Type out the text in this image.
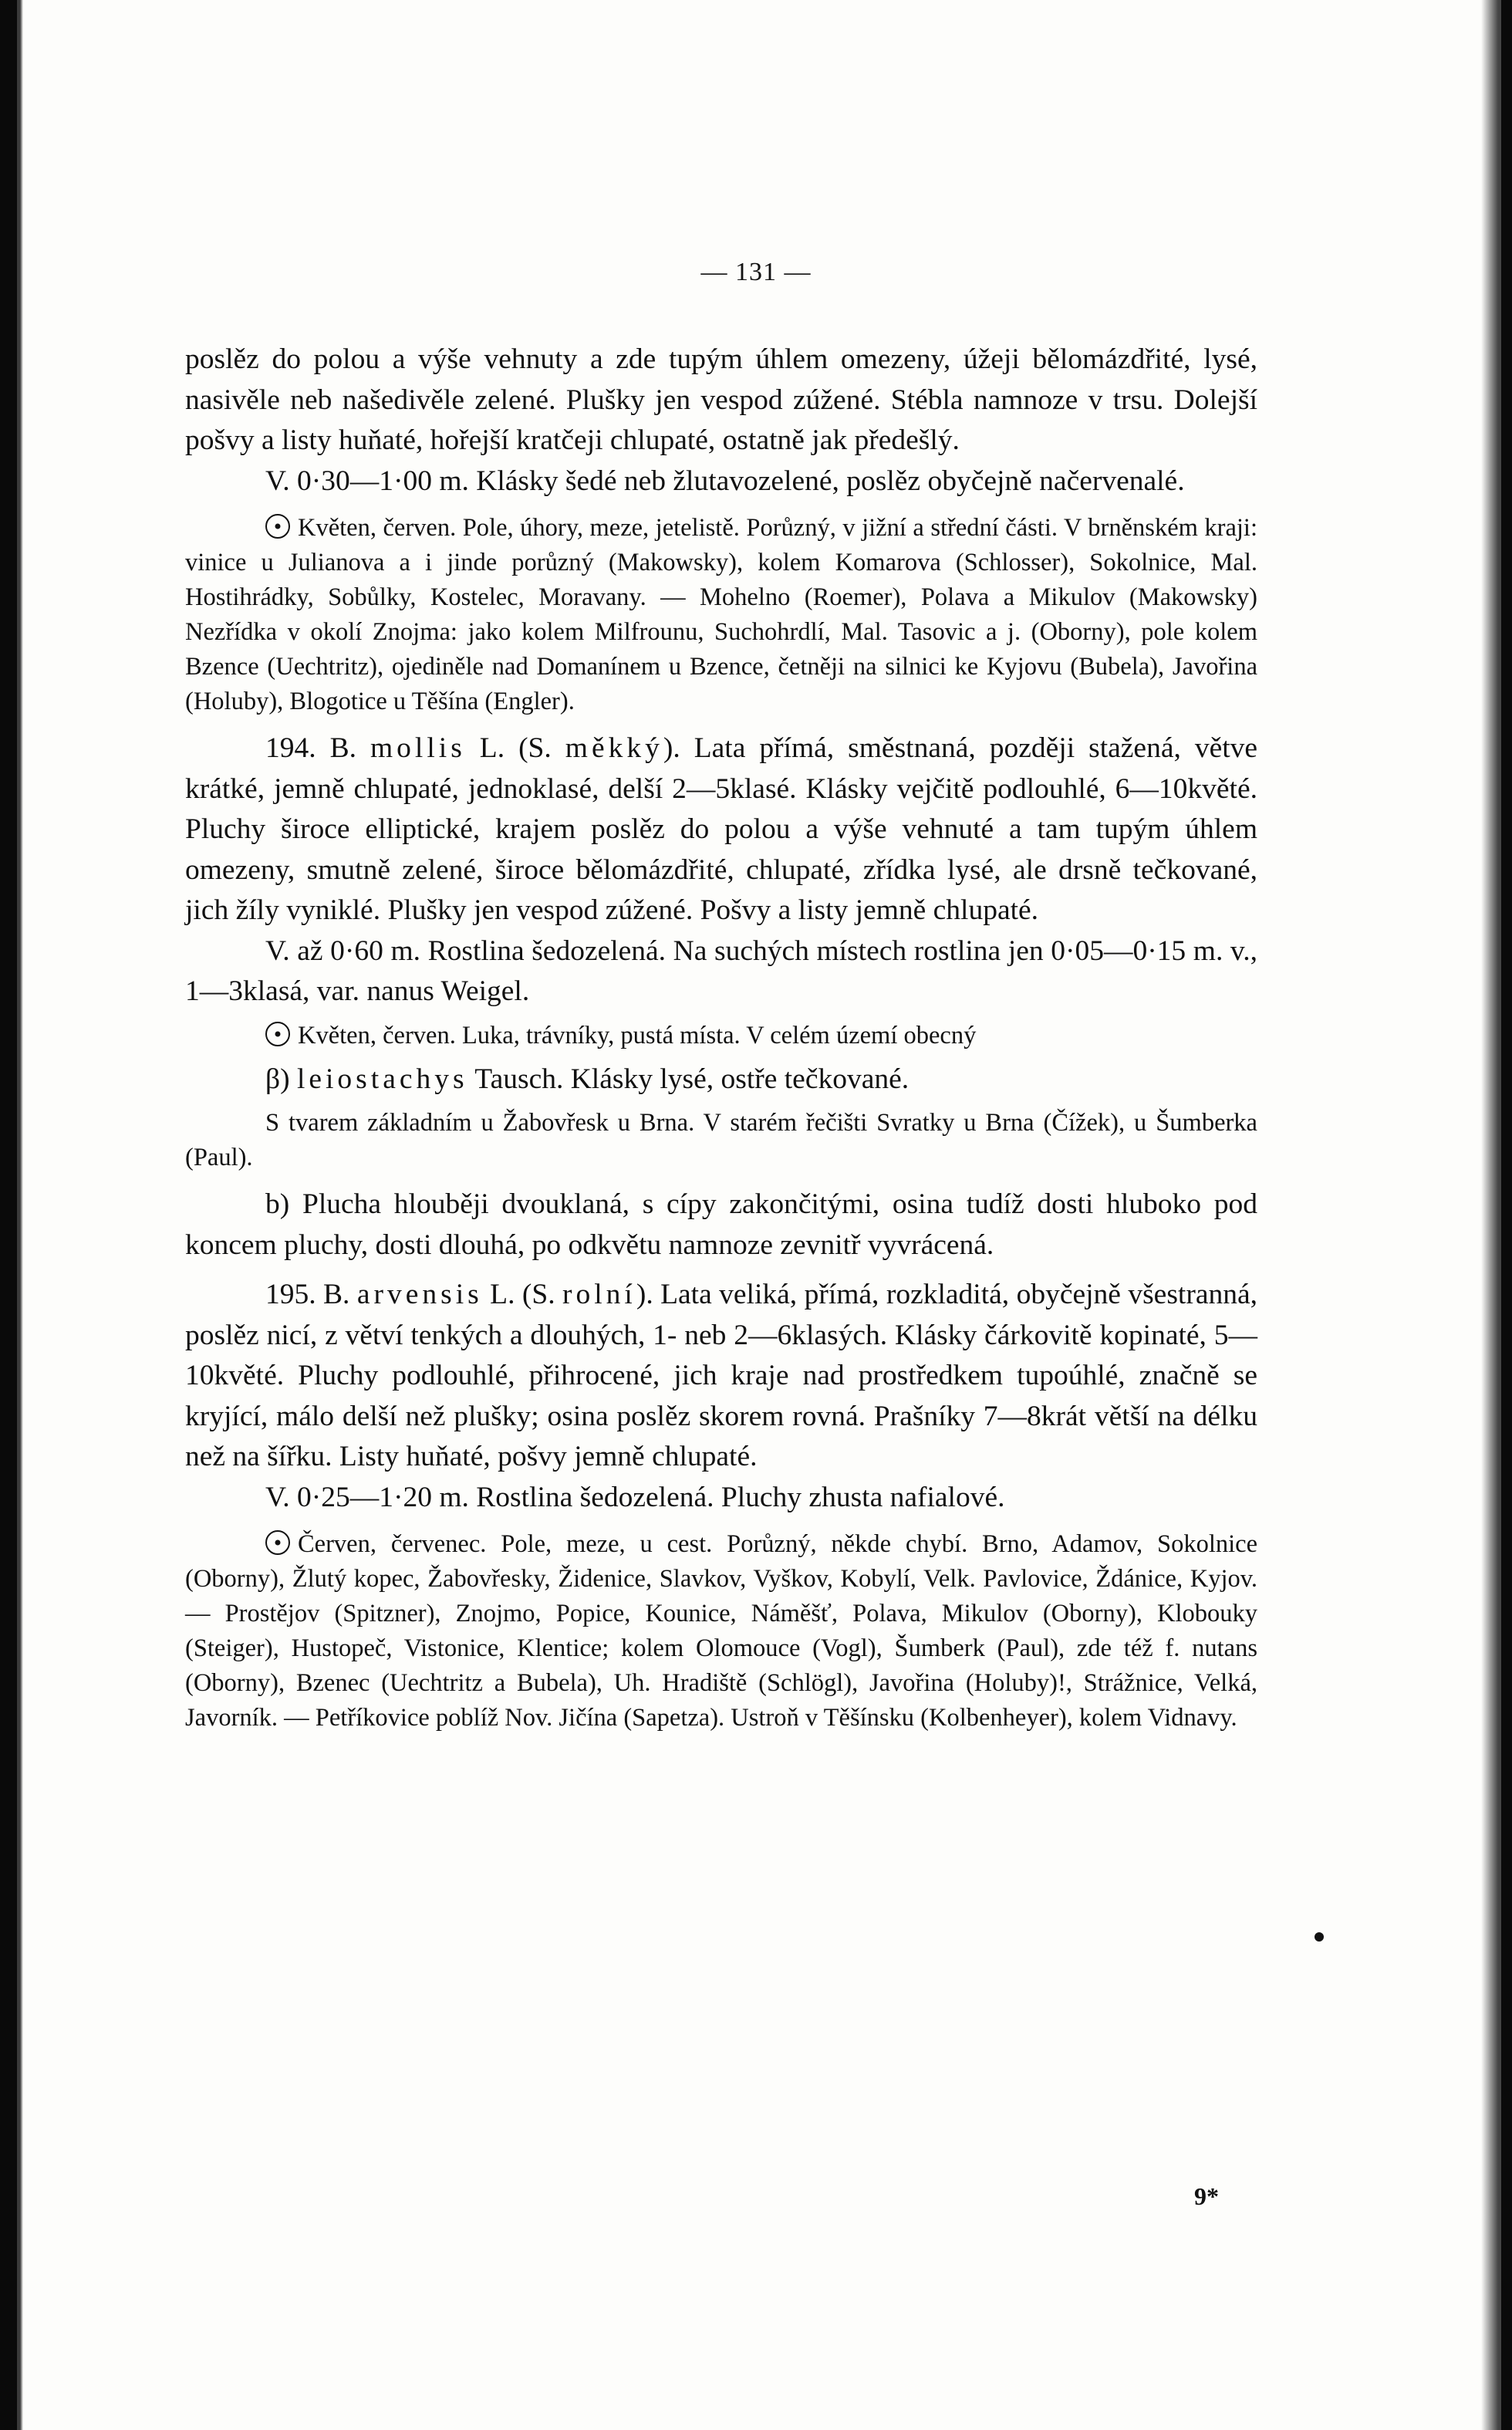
— 131 —

poslěz do polou a výše vehnuty a zde tupým úhlem omezeny, úžeji bělomázdřité, lysé, nasivěle neb našedivěle zelené. Plušky jen vespod zúžené. Stébla namnoze v trsu. Dolejší pošvy a listy huňaté, hořejší kratčeji chlupaté, ostatně jak předešlý.

V. 0·30—1·00 m. Klásky šedé neb žlutavozelené, poslěz obyčejně načervenalé.

Květen, červen. Pole, úhory, meze, jetelistě. Porůzný, v jižní a střední části. V brněnském kraji: vinice u Julianova a i jinde porůzný (Makowsky), kolem Komarova (Schlosser), Sokolnice, Mal. Hostihrádky, Sobůlky, Kostelec, Moravany. — Mohelno (Roemer), Polava a Mikulov (Makowsky) Nezřídka v okolí Znojma: jako kolem Milfrounu, Suchohrdlí, Mal. Tasovic a j. (Oborny), pole kolem Bzence (Uechtritz), ojediněle nad Domanínem u Bzence, četněji na silnici ke Kyjovu (Bubela), Javořina (Holuby), Blogotice u Těšína (Engler).

194. B. mollis L. (S. měkký). Lata přímá, směstnaná, později stažená, větve krátké, jemně chlupaté, jednoklasé, delší 2—5klasé. Klásky vejčitě podlouhlé, 6—10květé. Pluchy široce elliptické, krajem poslěz do polou a výše vehnuté a tam tupým úhlem omezeny, smutně zelené, široce bělomázdřité, chlupaté, zřídka lysé, ale drsně tečkované, jich žíly vyniklé. Plušky jen vespod zúžené. Pošvy a listy jemně chlupaté.

V. až 0·60 m. Rostlina šedozelená. Na suchých místech rostlina jen 0·05—0·15 m. v., 1—3klasá, var. nanus Weigel.

Květen, červen. Luka, trávníky, pustá místa. V celém území obecný

β) leiostachys Tausch. Klásky lysé, ostře tečkované.

S tvarem základním u Žabovřesk u Brna. V starém řečišti Svratky u Brna (Čížek), u Šumberka (Paul).

b) Plucha hlouběji dvouklaná, s cípy zakončitými, osina tudíž dosti hluboko pod koncem pluchy, dosti dlouhá, po odkvětu namnoze zevnitř vyvrácená.

195. B. arvensis L. (S. rolní). Lata veliká, přímá, rozkladitá, obyčejně všestranná, poslěz nicí, z větví tenkých a dlouhých, 1- neb 2—6klasých. Klásky čárkovitě kopinaté, 5—10květé. Pluchy podlouhlé, přihrocené, jich kraje nad prostředkem tupoúhlé, značně se kryjící, málo delší než plušky; osina poslěz skorem rovná. Prašníky 7—8krát větší na délku než na šířku. Listy huňaté, pošvy jemně chlupaté.

V. 0·25—1·20 m. Rostlina šedozelená. Pluchy zhusta nafialové.

Červen, červenec. Pole, meze, u cest. Porůzný, někde chybí. Brno, Adamov, Sokolnice (Oborny), Žlutý kopec, Žabovřesky, Židenice, Slavkov, Vyškov, Kobylí, Velk. Pavlovice, Ždánice, Kyjov. — Prostějov (Spitzner), Znojmo, Popice, Kounice, Náměšť, Polava, Mikulov (Oborny), Klobouky (Steiger), Hustopeč, Vistonice, Klentice; kolem Olomouce (Vogl), Šumberk (Paul), zde též f. nutans (Oborny), Bzenec (Uechtritz a Bubela), Uh. Hradiště (Schlögl), Javořina (Holuby)!, Strážnice, Velká, Javorník. — Petříkovice poblíž Nov. Jičína (Sapetza). Ustroň v Těšínsku (Kolbenheyer), kolem Vidnavy.

9*
